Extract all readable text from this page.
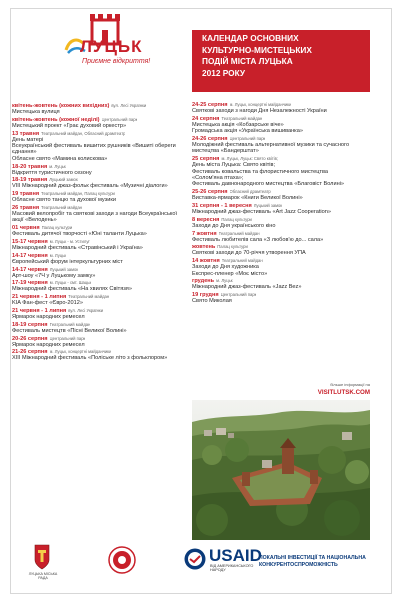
ЛУЦЬК
Приємне відкриття!
КАЛЕНДАР ОСНОВНИХ
КУЛЬТУРНО-МИСТЕЦЬКИХ
ПОДІЙ МІСТА ЛУЦЬКА
2012 РОКУ
квітень-жовтень (кожних вихідних) вул. Лесі Українки
Мистецька вулиця
квітень-жовтень (кожної неділі) Центральний парк
Мистецький проект «Грає духовий оркестр»
13 травня Театральний майдан, Обласний драмтеатр
День матері
Всеукраїнський фестиваль вишитих рушників «Вишиті обереги єднання»
Обласне свято «Мамина колискова»
18-20 травня м. Луцьк
Відкриття туристичного сезону
18-19 травня Луцький замок
VIII Міжнародний джаз-фольк фестиваль «Музичні діалоги»
19 травня Театральний майдан, Палац культури
Обласне свято танцю та духової музики
26 травня Театральний майдан
Масовий велопробіг та святкові заходи з нагоди Всеукраїнської акції «Велодень»
01 червня Палац культури
Фестиваль дитячої творчості «Юні таланти Луцька»
15-17 червня м. Луцьк - м. Устилуг
Міжнародний фестиваль «Стравінський і Україна»
14-17 червня м. Луцьк
Європейський форум інтеркультурних міст
14-17 червня Луцький замок
Арт-шоу «7Ч у Луцькому замку»
17-19 червня м. Луцьк - смт. Шацьк
Міжнародний фестиваль «На хвилях Світязя»
21 червня - 1 липня Театральний майдан
KIA Фан-фест «Євро-2012»
21 червня - 1 липня вул. Лесі Українки
Ярмарок народних ремесел
18-19 серпня Театральний майдан
Фестиваль мистецтв «Пісні Великої Волині»
20-26 серпня Центральний парк
Ярмарок народних ремесел
21-26 серпня м. Луцьк, концертні майданчики
XIII Міжнародний фестиваль «Поліське літо з фольклором»
24-25 серпня м. Луцьк, концертні майданчики
Святкові заходи з нагоди Дня Незалежності України
24 серпня Театральний майдан
Мистецька акція «Кобзарське віче»
Громадська акція «Українська вишиванка»
24-26 серпня Центральний парк
Молодіжний фестиваль альтернативної музики та сучасного мистецтва «Бандерштат»
25 серпня м. Луцьк, Луцьк: Свято квітів;
День міста Луцька: Свято квітів;
Фестиваль ковальства та флористичного мистецтва «Солом'яна птаха»;
Фестиваль давнонародного мистецтва «Благовіст Волині»
25-26 серпня Обласний драмтеатр
Виставка-ярмарок «Книги Великої Волині»
31 серпня - 1 вересня Луцький замок
Міжнародний джаз-фестиваль «Art Jazz Cooperation»
8 вересня Палац культури
Заходи до Дня українського кіно
7 жовтня Театральний майдан
Фестиваль любителів сала «З любов'ю до... сала»
жовтень Палац культури
Святкові заходи до 70-річчя утворення УПА
14 жовтня Театральний майдан
Заходи до Дня художника
Експрес-пленер «Моє місто»
грудень м. Луцьк
Міжнародний джаз-фестиваль «Jazz Bez»
19 грудня Центральний парк
Свято Миколая
більше інформації на
VISITLUTSK.COM
ЛУЦЬКА МІСЬКА РАДА
USAID
ВІД АМЕРИКАНСЬКОГО НАРОДУ
ЛОКАЛЬНІ ІНВЕСТИЦІЇ ТА НАЦІОНАЛЬНА КОНКУРЕНТОСПРОМОЖНІСТЬ
